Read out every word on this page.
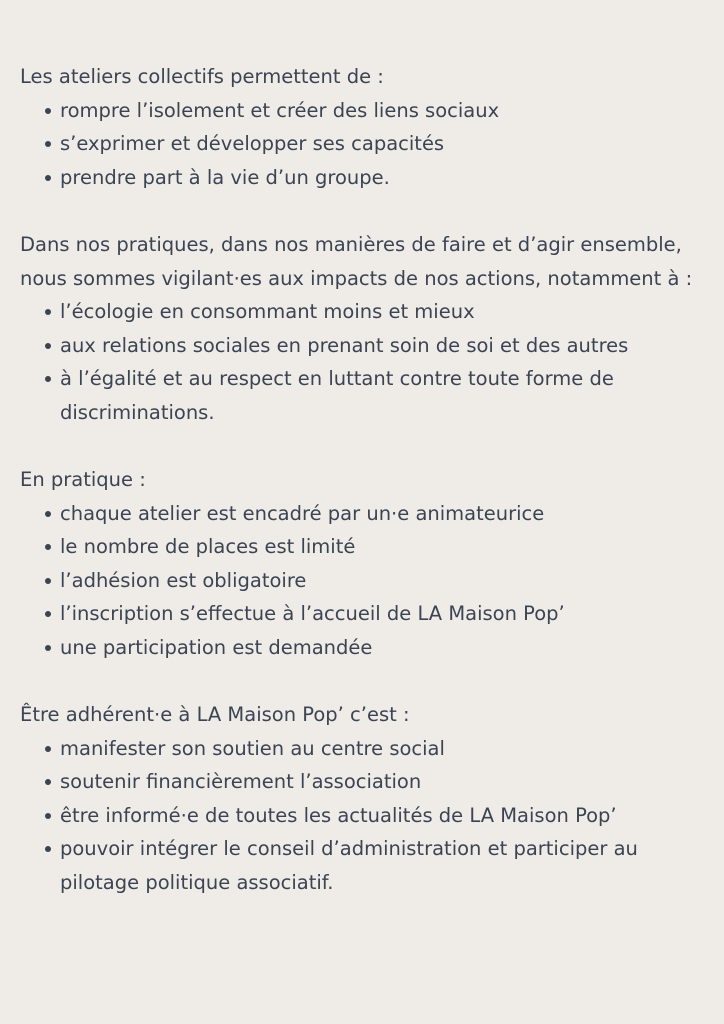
Les ateliers collectifs permettent de :

rompre l’isolement et créer des liens sociaux
s’exprimer et développer ses capacités
prendre part à la vie d’un groupe.

Dans nos pratiques, dans nos manières de faire et d’agir ensemble, nous sommes vigilant·es aux impacts de nos actions, notamment à :

l’écologie en consommant moins et mieux
aux relations sociales en prenant soin de soi et des autres
à l’égalité et au respect en luttant contre toute forme de discriminations.

En pratique :

chaque atelier est encadré par un·e animateurice
le nombre de places est limité
l’adhésion est obligatoire
l’inscription s’effectue à l’accueil de LA Maison Pop’
une participation est demandée

Être adhérent·e à LA Maison Pop’ c’est :

manifester son soutien au centre social
soutenir financièrement l’association
être informé·e de toutes les actualités de LA Maison Pop’
pouvoir intégrer le conseil d’administration et participer au pilotage politique associatif.
